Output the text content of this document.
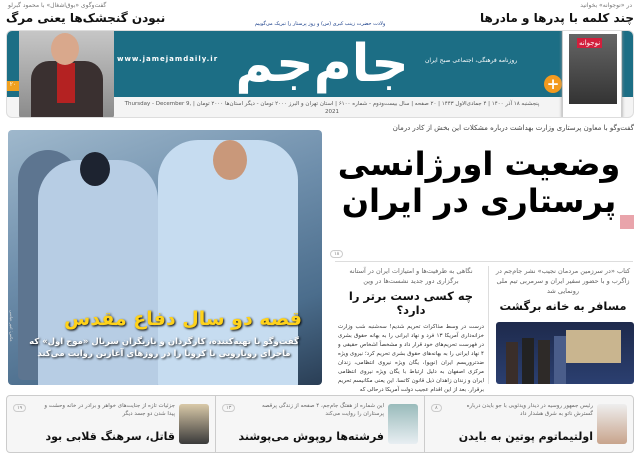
گفت‌وگوی «بوق‌اشغال» با محمود گبرلو
نبودن گنجشک‌ها یعنی مرگ
در «نوجوانه» بخوانید
چند کلمه با پدرها و مادرها
ولادت حضرت زینب کبری (س) و روز پرستار را تبریک می‌گوییم
جام‌جم
www.jamejamdaily.ir	روزنامه فرهنگی، اجتماعی صبح ایران
پنجشنبه ۱۸ آذر ۱۴۰۰ | ۴ جمادی‌الاول ۱۴۴۳ | ۲۰ صفحه | سال بیست‌ودوم - شماره ۶۱۰۰ | استان تهران و البرز ۲۰۰۰ تومان - دیگر استان‌ها ۲۰۰۰ تومان | Thursday - December 9, 2021
۲۰	+
نوجوانه
عکس: امیر عباسی	قصه دو سال دفاع مقدس
گفت‌وگو با تهیه‌کننده، کارگردان و بازیگران سریال «موج اول» که ماجرای رویارویی با کرونا را در روزهای آغازین روایت می‌کند
گفت‌وگو با معاون پرستاری وزارت بهداشت درباره مشکلات این بخش از کادر درمان
وضعیت اورژانسی پرستاری در ایران
۱۸
نگاهی به ظرفیت‌ها و امتیازات ایران در آستانه برگزاری دور جدید نشست‌ها در وین
چه کسی دست برتر را دارد؟
درست در وسط مذاکرات تحریم شدیم! سه‌شنبه شب وزارت خزانه‌داری آمریکا ۱۳ فرد و نهاد ایرانی را به بهانه حقوق بشری در فهرست تحریم‌های خود قرار داد و مشخصاً اشخاص حقیقی و ۴ نهاد ایرانی را به بهانه‌های حقوق بشری تحریم کرد؛ نیروی ویژه ضدتروریسم ایران (نوپو)، یگان ویژه نیروی انتظامی، زندان مرکزی اصفهان به دلیل ارتباط با یگان ویژه نیروی انتظامی ایران و زندان زاهدان ذیل قانون کاتسا. این یعنی مکانیسم تحریم برقرار. بعد از این اقدام عجیب دولت آمریکا درحالی که
کتاب «در سرزمین مردمان نجیب» نشر جام‌جم در زاگرب و با حضور سفیر ایران و سرمربی تیم ملی رونمایی شد
مسافر به خانه برگشت
رئیس جمهور روسیه در دیدار ویدئویی با جو بایدن درباره گسترش ناتو به شرق هشدار داد
اولتیماتوم پوتین به بایدن
۸
این شماره از هفتگ جام‌جم، ۴ صفحه از زندگی پرقصه پرستاران را روایت می‌کند
فرشته‌ها روپوش می‌پوشند
۱۳
جزئیات تازه از جنایت‌های خواهر و برادر در خانه وحشت و پیدا شدن دو جسد دیگر
قاتل، سرهنگ قلابی بود
۱۹
